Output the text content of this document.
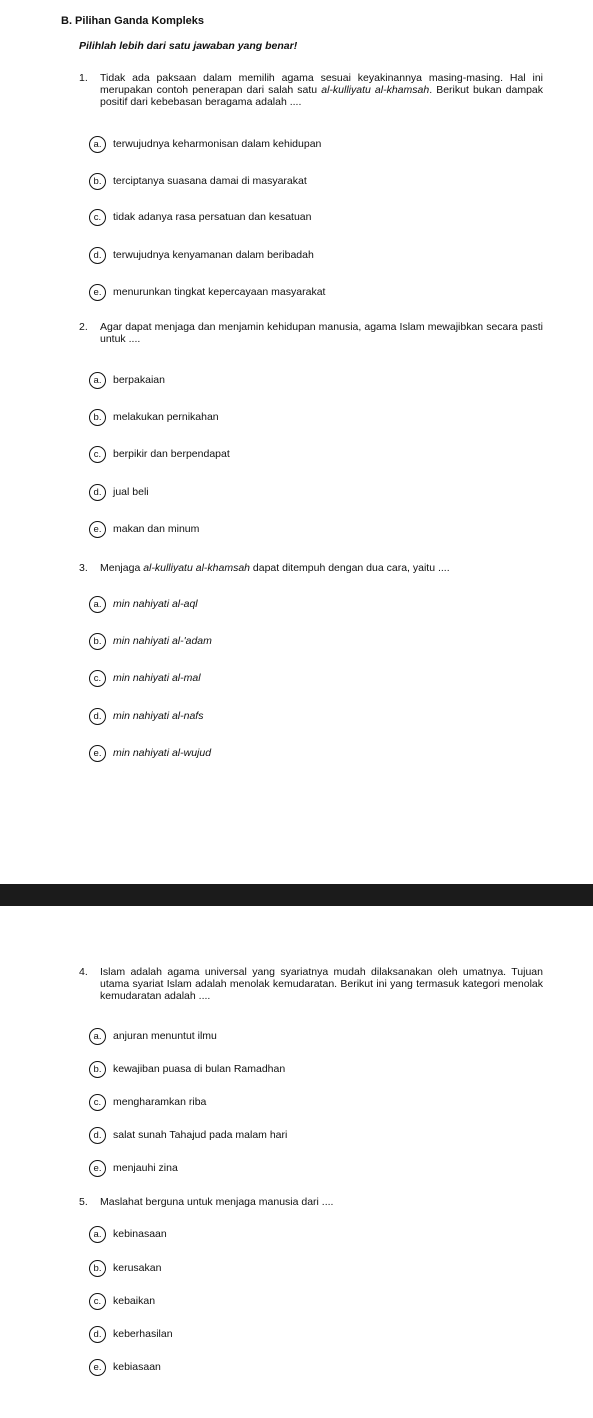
B. Pilihan Ganda Kompleks
Pilihlah lebih dari satu jawaban yang benar!
1. Tidak ada paksaan dalam memilih agama sesuai keyakinannya masing-masing. Hal ini merupakan contoh penerapan dari salah satu al-kulliyatu al-khamsah. Berikut bukan dampak positif dari kebebasan beragama adalah ....
a.	terwujudnya keharmonisan dalam kehidupan
b.	terciptanya suasana damai di masyarakat
c.	tidak adanya rasa persatuan dan kesatuan
d.	terwujudnya kenyamanan dalam beribadah
e.	menurunkan tingkat kepercayaan masyarakat
2. Agar dapat menjaga dan menjamin kehidupan manusia, agama Islam mewajibkan secara pasti untuk ....
a.	berpakaian
b.	melakukan pernikahan
c.	berpikir dan berpendapat
d.	jual beli
e.	makan dan minum
3. Menjaga al-kulliyatu al-khamsah dapat ditempuh dengan dua cara, yaitu ....
a.	min nahiyati al-aql
b.	min nahiyati al-'adam
c.	min nahiyati al-mal
d.	min nahiyati al-nafs
e.	min nahiyati al-wujud
4. Islam adalah agama universal yang syariatnya mudah dilaksanakan oleh umatnya. Tujuan utama syariat Islam adalah menolak kemudaratan. Berikut ini yang termasuk kategori menolak kemudaratan adalah ....
a.	anjuran menuntut ilmu
b.	kewajiban puasa di bulan Ramadhan
c.	mengharamkan riba
d.	salat sunah Tahajud pada malam hari
e.	menjauhi zina
5. Maslahat berguna untuk menjaga manusia dari ....
a.	kebinasaan
b.	kerusakan
c.	kebaikan
d.	keberhasilan
e.	kebiasaan
